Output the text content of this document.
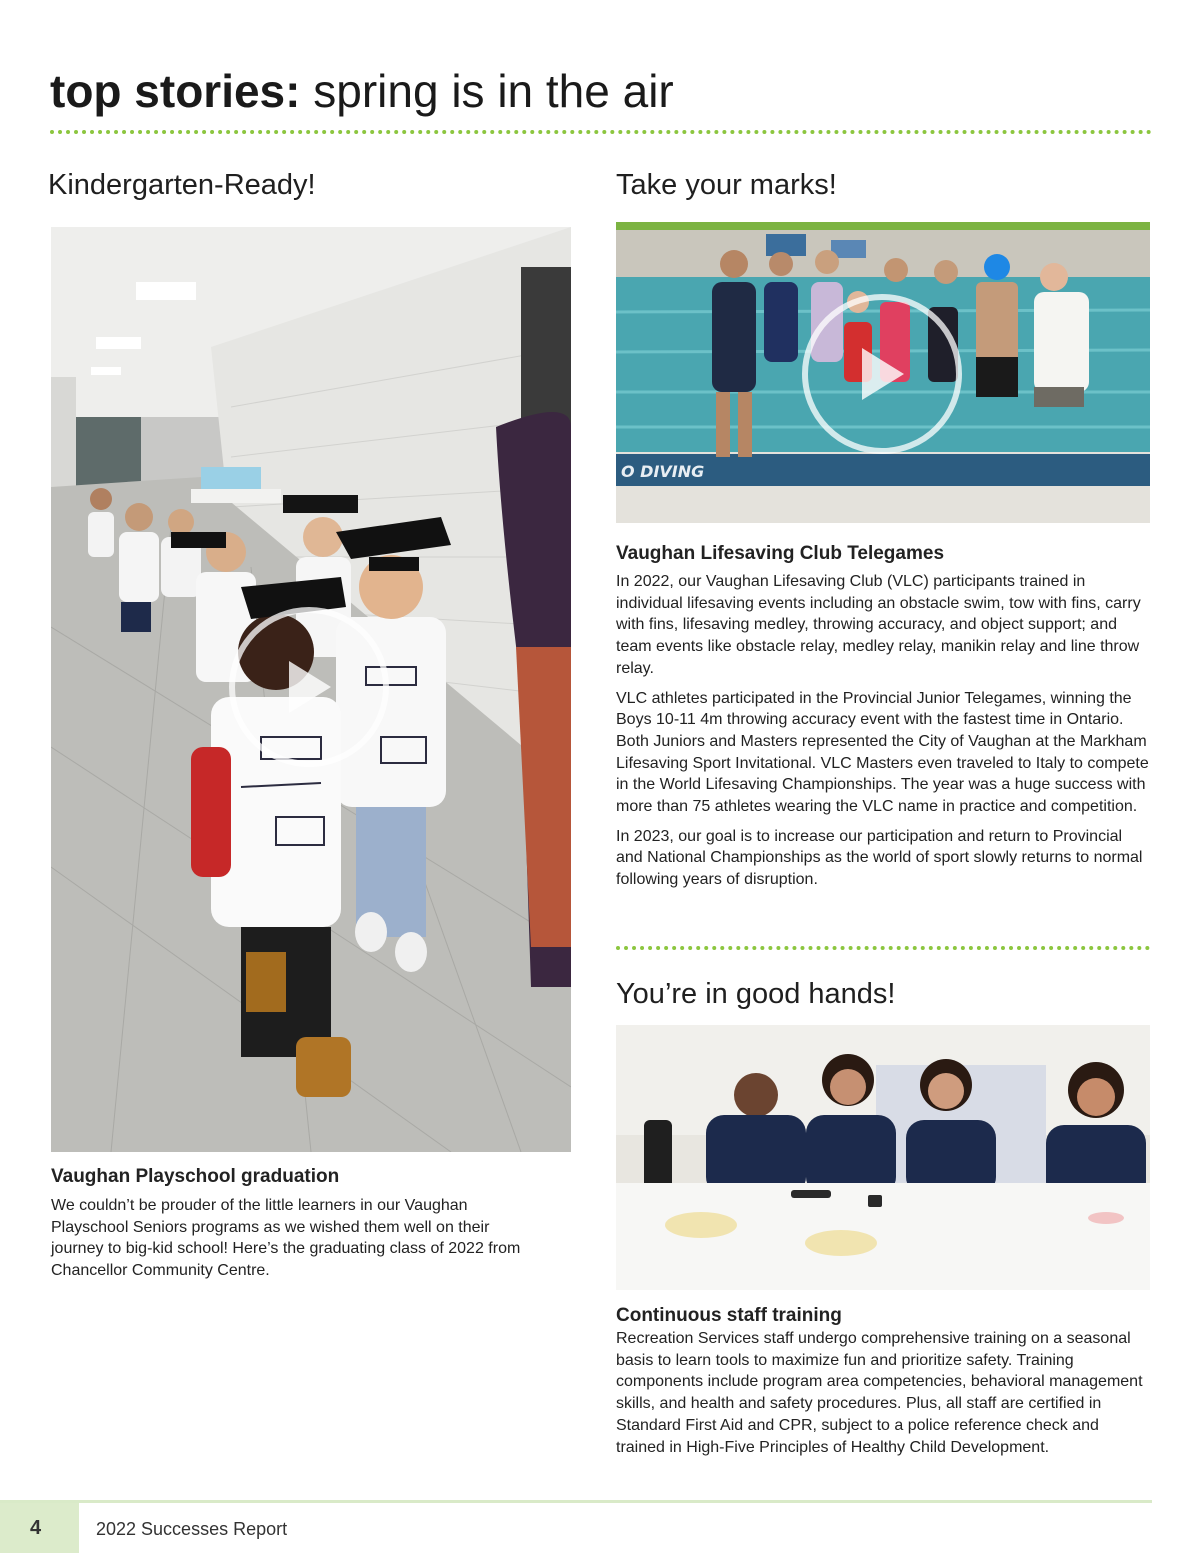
top stories: spring is in the air
Kindergarten-Ready!
Vaughan Playschool graduation
We couldn’t be prouder of the little learners in our Vaughan Playschool Seniors programs as we wished them well on their journey to big-kid school! Here’s the graduating class of 2022 from Chancellor Community Centre.
Take your marks!
O DIVING
Vaughan Lifesaving Club Telegames

In 2022, our Vaughan Lifesaving Club (VLC) participants trained in individual lifesaving events including an obstacle swim, tow with fins, carry with fins, lifesaving medley, throwing accuracy, and object support; and team events like obstacle relay, medley relay, manikin relay and line throw relay.

VLC athletes participated in the Provincial Junior Telegames, winning the Boys 10-11 4m throwing accuracy event with the fastest time in Ontario. Both Juniors and Masters represented the City of Vaughan at the Markham Lifesaving Sport Invitational. VLC Masters even traveled to Italy to compete in the World Lifesaving Championships. The year was a huge success with more than 75 athletes wearing the VLC name in practice and competition.

In 2023, our goal is to increase our participation and return to Provincial and National Championships as the world of sport slowly returns to normal following years of disruption.

You’re in good hands!
Continuous staff training
Recreation Services staff undergo comprehensive training on a seasonal basis to learn tools to maximize fun and prioritize safety. Training components include program area competencies, behavioral management skills, and health and safety procedures. Plus, all staff are certified in Standard First Aid and CPR, subject to a police reference check and trained in High-Five Principles of Healthy Child Development.
4	2022 Successes Report
